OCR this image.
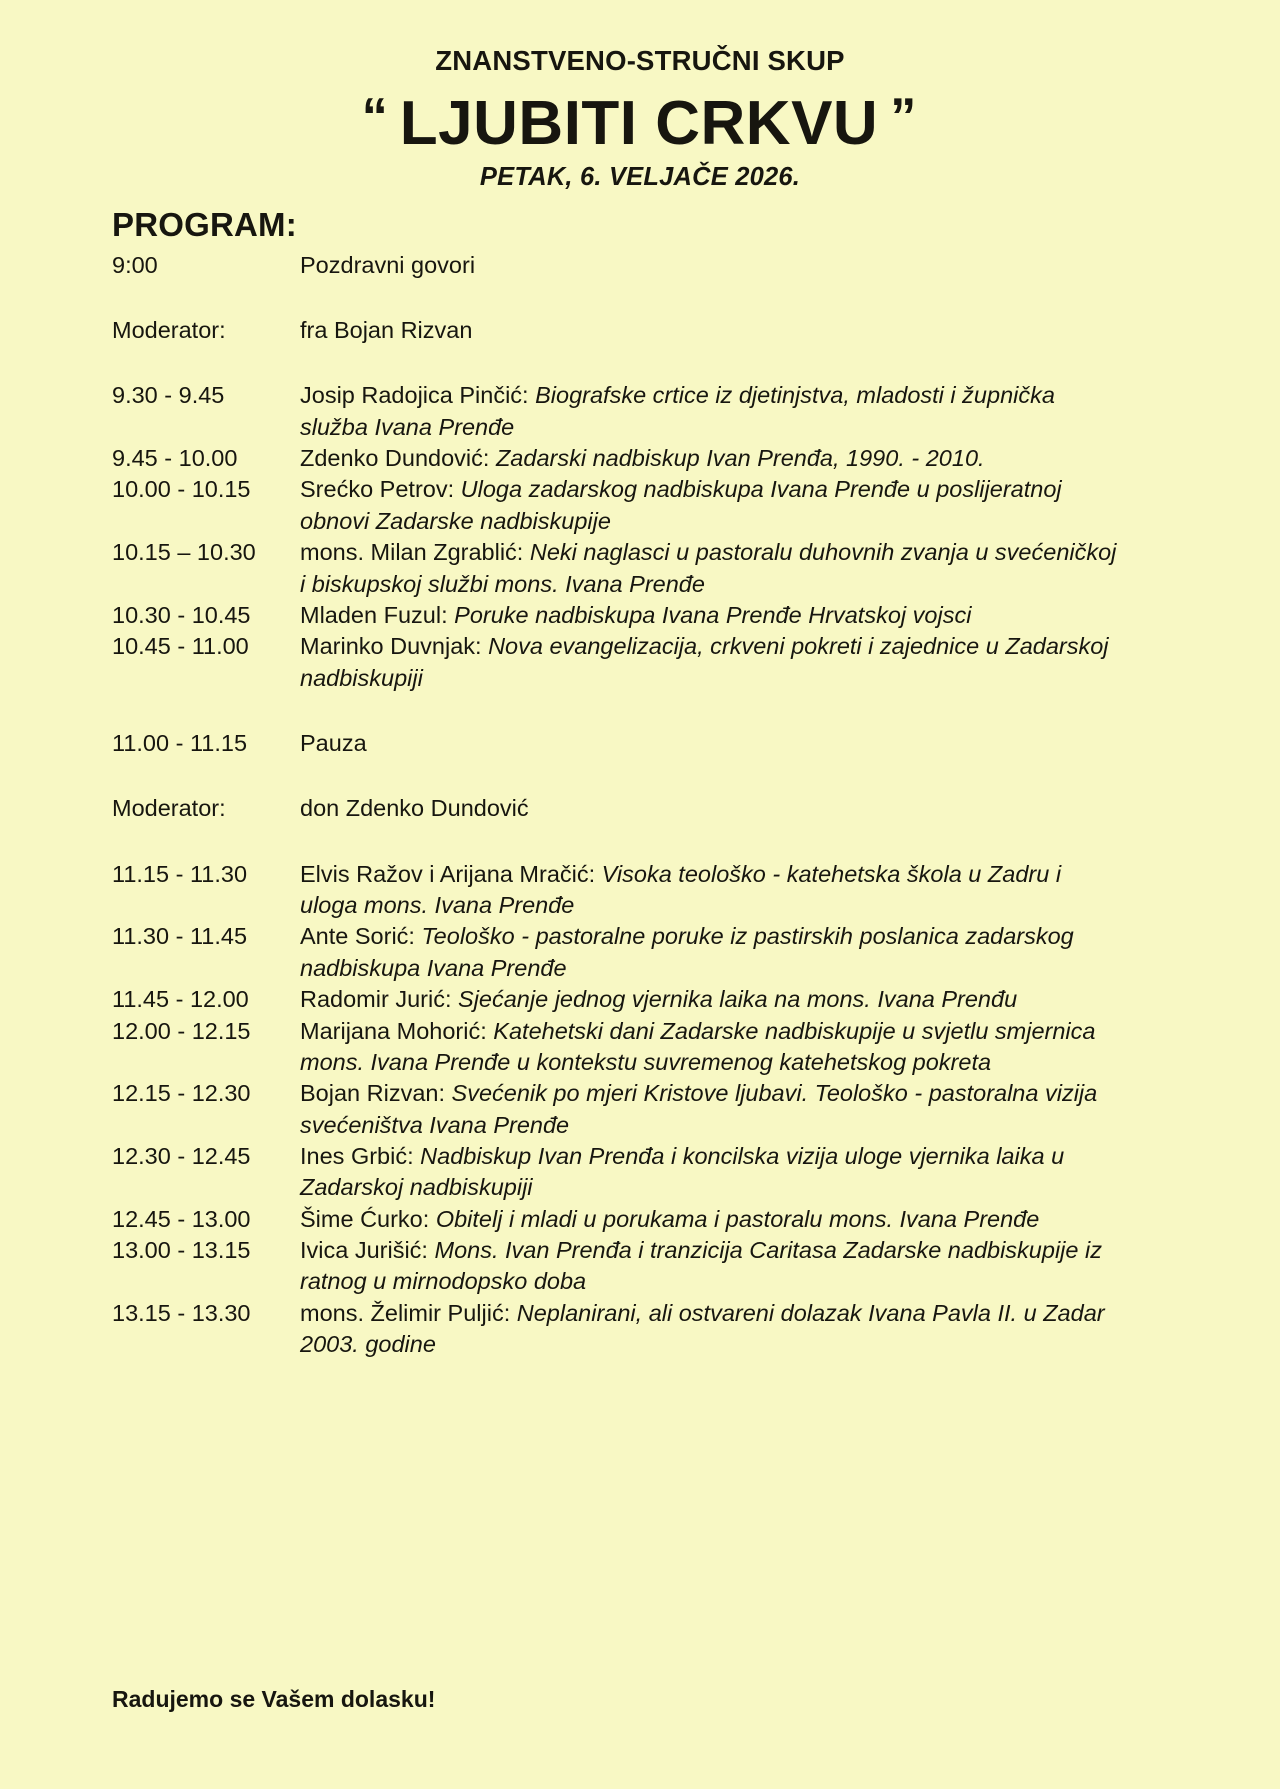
ZNANSTVENO-STRUČNI SKUP
“ LJUBITI CRKVU ”
PETAK, 6. VELJAČE 2026.
PROGRAM:
9:00	Pozdravni govori
Moderator:	fra Bojan Rizvan
9.30 - 9.45	Josip Radojica Pinčić: Biografske crtice iz djetinjstva, mladosti i župnička služba Ivana Prenđe
9.45 - 10.00	Zdenko Dundović: Zadarski nadbiskup Ivan Prenđa, 1990. - 2010.
10.00 - 10.15	Srećko Petrov: Uloga zadarskog nadbiskupa Ivana Prenđe u poslijeratnoj obnovi Zadarske nadbiskupije
10.15 – 10.30	mons. Milan Zgrablić: Neki naglasci u pastoralu duhovnih zvanja u svećeničkoj i biskupskoj službi mons. Ivana Prenđe
10.30 - 10.45	Mladen Fuzul: Poruke nadbiskupa Ivana Prenđe Hrvatskoj vojsci
10.45 - 11.00	Marinko Duvnjak: Nova evangelizacija, crkveni pokreti i zajednice u Zadarskoj nadbiskupiji
11.00 - 11.15	Pauza
Moderator:	don Zdenko Dundović
11.15 - 11.30	Elvis Ražov i Arijana Mračić: Visoka teološko - katehetska škola u Zadru i uloga mons. Ivana Prenđe
11.30 - 11.45	Ante Sorić: Teološko - pastoralne poruke iz pastirskih poslanica zadarskog nadbiskupa Ivana Prenđe
11.45 - 12.00	Radomir Jurić: Sjećanje jednog vjernika laika na mons. Ivana Prenđu
12.00 - 12.15	Marijana Mohorić: Katehetski dani Zadarske nadbiskupije u svjetlu smjernica mons. Ivana Prenđe u kontekstu suvremenog katehetskog pokreta
12.15 - 12.30	Bojan Rizvan: Svećenik po mjeri Kristove ljubavi. Teološko - pastoralna vizija svećeništva Ivana Prenđe
12.30 - 12.45	Ines Grbić: Nadbiskup Ivan Prenđa i koncilska vizija uloge vjernika laika u Zadarskoj nadbiskupiji
12.45 - 13.00	Šime Ćurko: Obitelj i mladi u porukama i pastoralu mons. Ivana Prenđe
13.00 - 13.15	Ivica Jurišić: Mons. Ivan Prenđa i tranzicija Caritasa Zadarske nadbiskupije iz ratnog u mirnodopsko doba
13.15 - 13.30	mons. Želimir Puljić: Neplanirani, ali ostvareni dolazak Ivana Pavla II. u Zadar 2003. godine
Radujemo se Vašem dolasku!
